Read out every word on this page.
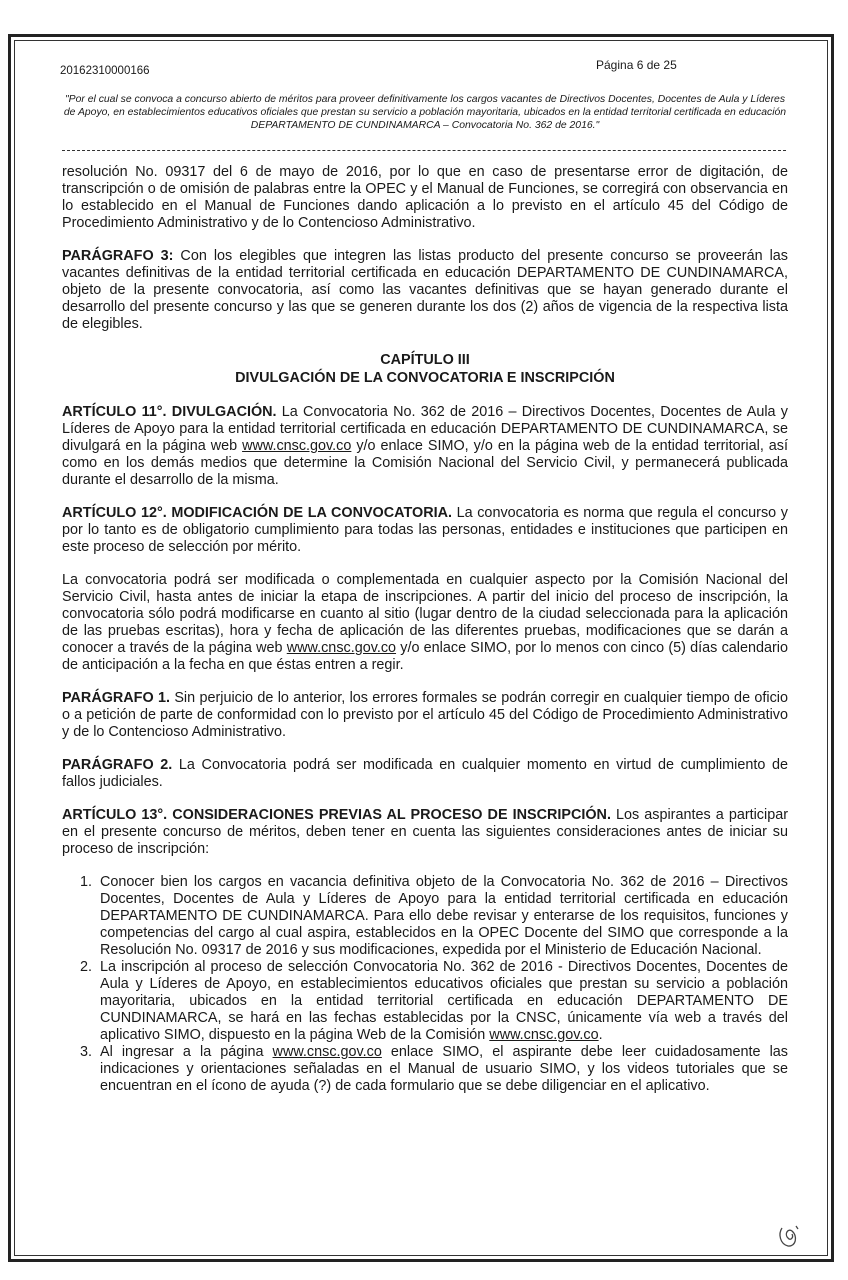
20162310000166	Página 6 de 25
"Por el cual se convoca a concurso abierto de méritos para proveer definitivamente los cargos vacantes de Directivos Docentes, Docentes de Aula y Líderes de Apoyo, en establecimientos educativos oficiales que prestan su servicio a población mayoritaria, ubicados en la entidad territorial certificada en educación DEPARTAMENTO DE CUNDINAMARCA – Convocatoria No. 362 de 2016."

resolución No. 09317 del 6 de mayo de 2016, por lo que en caso de presentarse error de digitación, de transcripción o de omisión de palabras entre la OPEC y el Manual de Funciones, se corregirá con observancia en lo establecido en el Manual de Funciones dando aplicación a lo previsto en el artículo 45 del Código de Procedimiento Administrativo y de lo Contencioso Administrativo.

PARÁGRAFO 3: Con los elegibles que integren las listas producto del presente concurso se proveerán las vacantes definitivas de la entidad territorial certificada en educación DEPARTAMENTO DE CUNDINAMARCA, objeto de la presente convocatoria, así como las vacantes definitivas que se hayan generado durante el desarrollo del presente concurso y las que se generen durante los dos (2) años de vigencia de la respectiva lista de elegibles.

CAPÍTULO III
DIVULGACIÓN DE LA CONVOCATORIA E INSCRIPCIÓN

ARTÍCULO 11°. DIVULGACIÓN. La Convocatoria No. 362 de 2016 – Directivos Docentes, Docentes de Aula y Líderes de Apoyo para la entidad territorial certificada en educación DEPARTAMENTO DE CUNDINAMARCA, se divulgará en la página web www.cnsc.gov.co y/o enlace SIMO, y/o en la página web de la entidad territorial, así como en los demás medios que determine la Comisión Nacional del Servicio Civil, y permanecerá publicada durante el desarrollo de la misma.

ARTÍCULO 12°. MODIFICACIÓN DE LA CONVOCATORIA. La convocatoria es norma que regula el concurso y por lo tanto es de obligatorio cumplimiento para todas las personas, entidades e instituciones que participen en este proceso de selección por mérito.

La convocatoria podrá ser modificada o complementada en cualquier aspecto por la Comisión Nacional del Servicio Civil, hasta antes de iniciar la etapa de inscripciones. A partir del inicio del proceso de inscripción, la convocatoria sólo podrá modificarse en cuanto al sitio (lugar dentro de la ciudad seleccionada para la aplicación de las pruebas escritas), hora y fecha de aplicación de las diferentes pruebas, modificaciones que se darán a conocer a través de la página web www.cnsc.gov.co y/o enlace SIMO, por lo menos con cinco (5) días calendario de anticipación a la fecha en que éstas entren a regir.

PARÁGRAFO 1. Sin perjuicio de lo anterior, los errores formales se podrán corregir en cualquier tiempo de oficio o a petición de parte de conformidad con lo previsto por el artículo 45 del Código de Procedimiento Administrativo y de lo Contencioso Administrativo.

PARÁGRAFO 2. La Convocatoria podrá ser modificada en cualquier momento en virtud de cumplimiento de fallos judiciales.

ARTÍCULO 13°. CONSIDERACIONES PREVIAS AL PROCESO DE INSCRIPCIÓN. Los aspirantes a participar en el presente concurso de méritos, deben tener en cuenta las siguientes consideraciones antes de iniciar su proceso de inscripción:

1. Conocer bien los cargos en vacancia definitiva objeto de la Convocatoria No. 362 de 2016 – Directivos Docentes, Docentes de Aula y Líderes de Apoyo para la entidad territorial certificada en educación DEPARTAMENTO DE CUNDINAMARCA. Para ello debe revisar y enterarse de los requisitos, funciones y competencias del cargo al cual aspira, establecidos en la OPEC Docente del SIMO que corresponde a la Resolución No. 09317 de 2016 y sus modificaciones, expedida por el Ministerio de Educación Nacional.
2. La inscripción al proceso de selección Convocatoria No. 362 de 2016 - Directivos Docentes, Docentes de Aula y Líderes de Apoyo, en establecimientos educativos oficiales que prestan su servicio a población mayoritaria, ubicados en la entidad territorial certificada en educación DEPARTAMENTO DE CUNDINAMARCA, se hará en las fechas establecidas por la CNSC, únicamente vía web a través del aplicativo SIMO, dispuesto en la página Web de la Comisión www.cnsc.gov.co.
3. Al ingresar a la página www.cnsc.gov.co enlace SIMO, el aspirante debe leer cuidadosamente las indicaciones y orientaciones señaladas en el Manual de usuario SIMO, y los videos tutoriales que se encuentran en el ícono de ayuda (?) de cada formulario que se debe diligenciar en el aplicativo.
